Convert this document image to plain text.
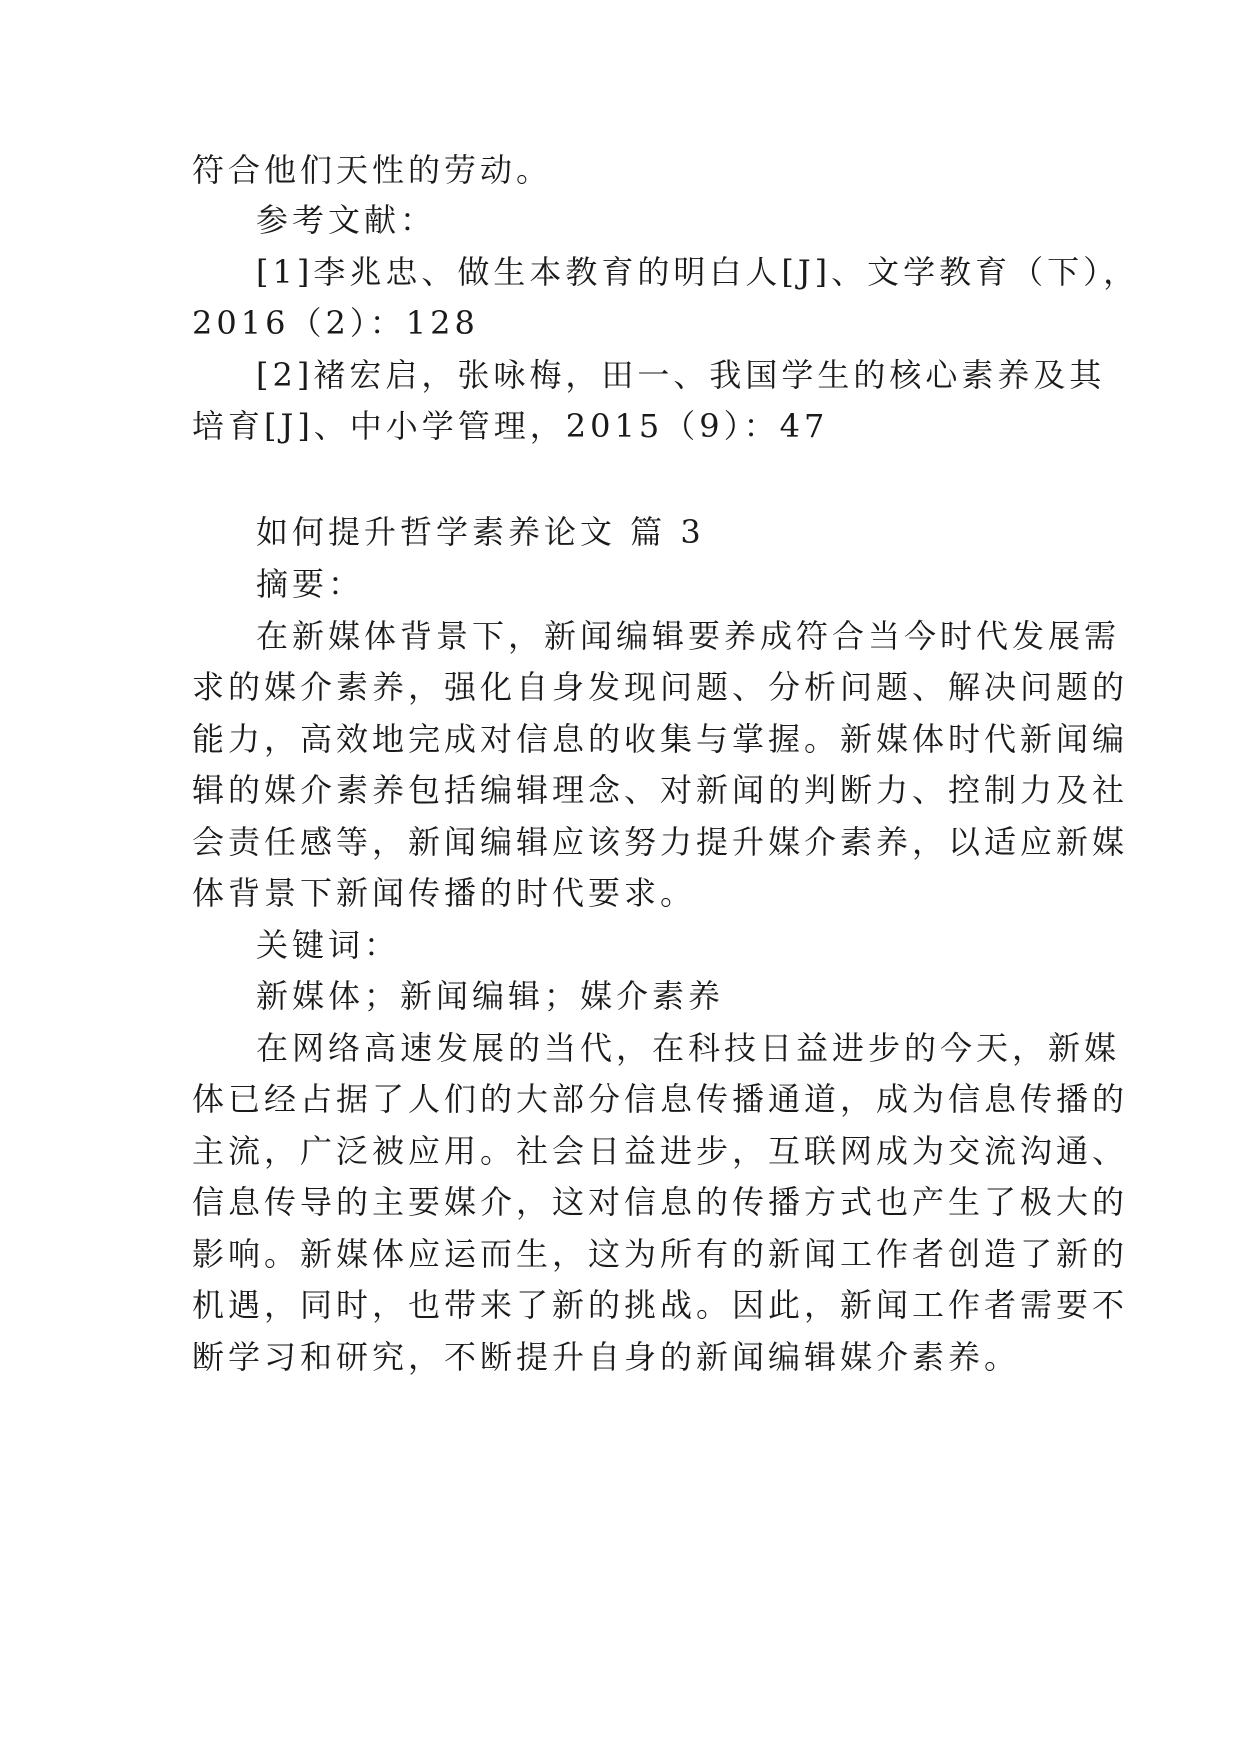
符合他们天性的劳动。
参考文献：
[1]李兆忠、做生本教育的明白人[J]、文学教育（下），
2016（2）：128
[2]褚宏启，张咏梅，田一、我国学生的核心素养及其
培育[J]、中小学管理，2015（9）：47
如何提升哲学素养论文 篇 3
摘要：
在新媒体背景下，新闻编辑要养成符合当今时代发展需
求的媒介素养，强化自身发现问题、分析问题、解决问题的
能力，高效地完成对信息的收集与掌握。新媒体时代新闻编
辑的媒介素养包括编辑理念、对新闻的判断力、控制力及社
会责任感等，新闻编辑应该努力提升媒介素养，以适应新媒
体背景下新闻传播的时代要求。
关键词：
新媒体；新闻编辑；媒介素养
在网络高速发展的当代，在科技日益进步的今天，新媒
体已经占据了人们的大部分信息传播通道，成为信息传播的
主流，广泛被应用。社会日益进步，互联网成为交流沟通、
信息传导的主要媒介，这对信息的传播方式也产生了极大的
影响。新媒体应运而生，这为所有的新闻工作者创造了新的
机遇，同时，也带来了新的挑战。因此，新闻工作者需要不
断学习和研究，不断提升自身的新闻编辑媒介素养。
